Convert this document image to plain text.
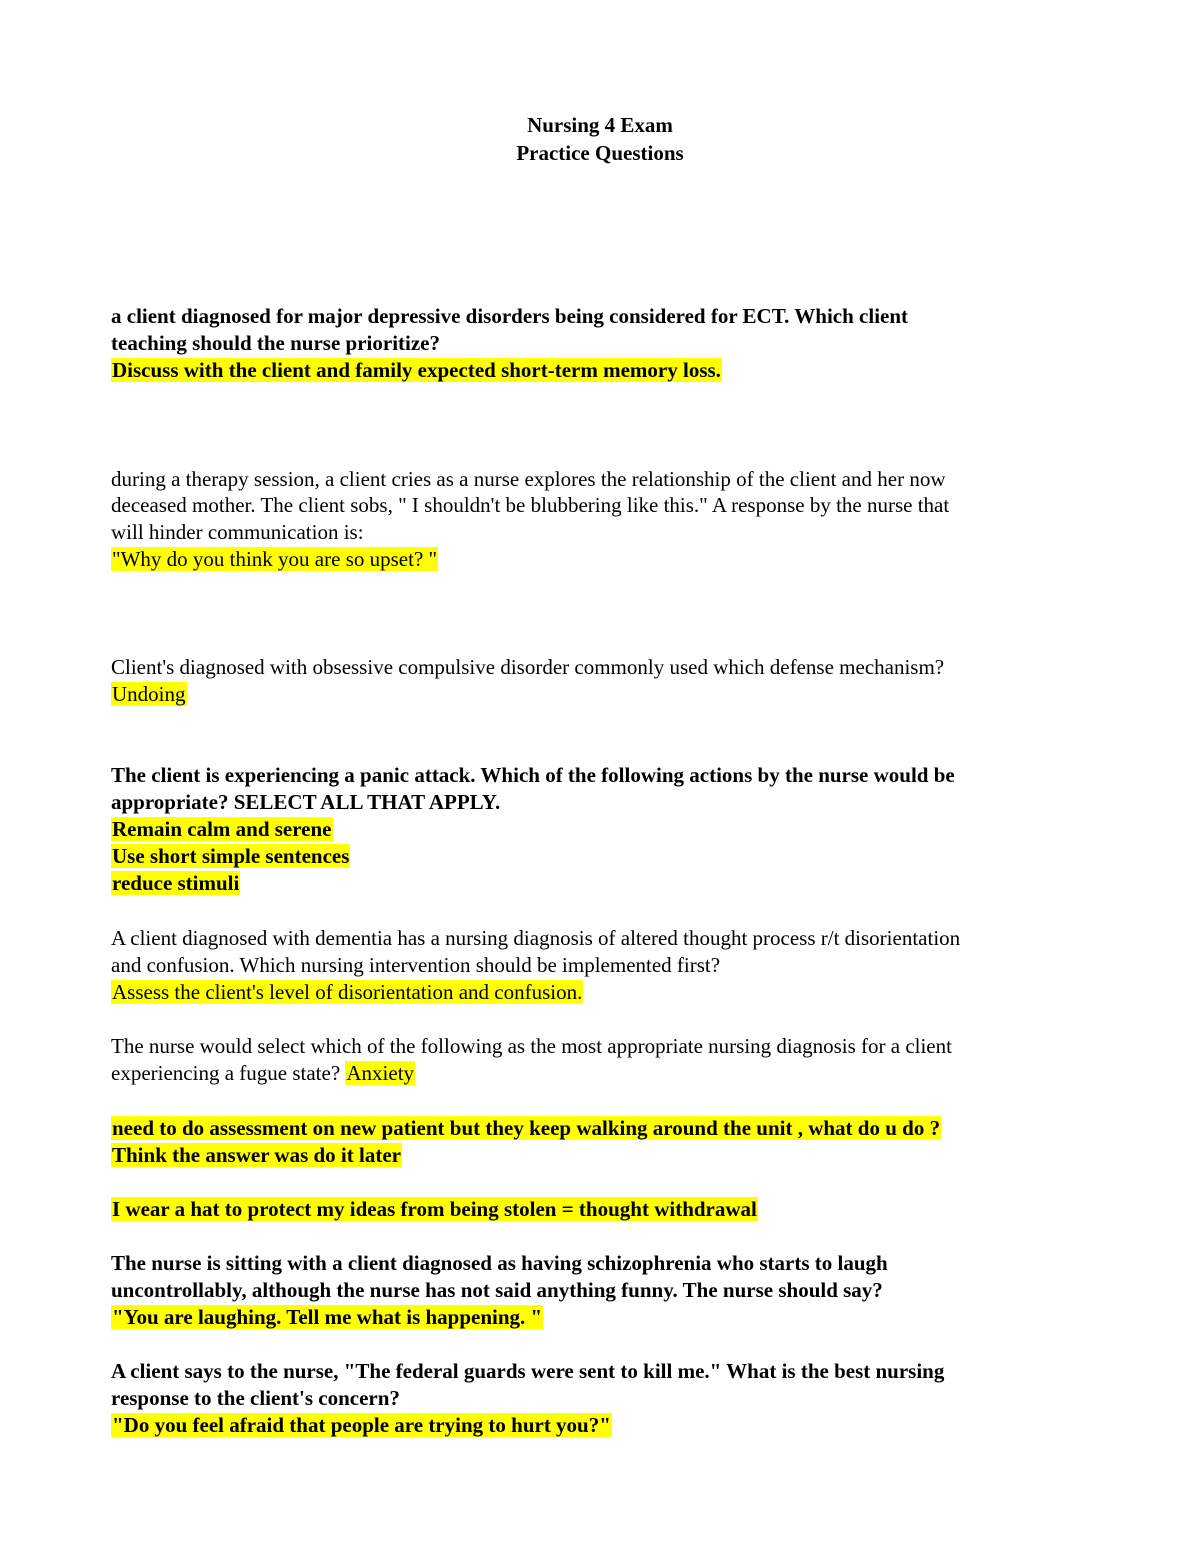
Nursing 4 Exam
Practice Questions
a client diagnosed for major depressive disorders being considered for ECT. Which client
teaching should the nurse prioritize?
Discuss with the client and family expected short-term memory loss.
during a therapy session, a client cries as a nurse explores the relationship of the client and her now
deceased mother. The client sobs, " I shouldn't be blubbering like this." A response by the nurse that
will hinder communication is:
"Why do you think you are so upset? "
Client's diagnosed with obsessive compulsive disorder commonly used which defense mechanism?
Undoing
The client is experiencing a panic attack. Which of the following actions by the nurse would be
appropriate? SELECT ALL THAT APPLY.
Remain calm and serene
Use short simple sentences
reduce stimuli
A client diagnosed with dementia has a nursing diagnosis of altered thought process r/t disorientation
and confusion. Which nursing intervention should be implemented first?
Assess the client's level of disorientation and confusion.
The nurse would select which of the following as the most appropriate nursing diagnosis for a client
experiencing a fugue state? Anxiety
need to do assessment on new patient but they keep walking around the unit , what do u do ?
Think the answer was do it later
I wear a hat to protect my ideas from being stolen = thought withdrawal
The nurse is sitting with a client diagnosed as having schizophrenia who starts to laugh
uncontrollably, although the nurse has not said anything funny. The nurse should say?
"You are laughing. Tell me what is happening. "
A client says to the nurse, "The federal guards were sent to kill me." What is the best nursing
response to the client's concern?
"Do you feel afraid that people are trying to hurt you?"
